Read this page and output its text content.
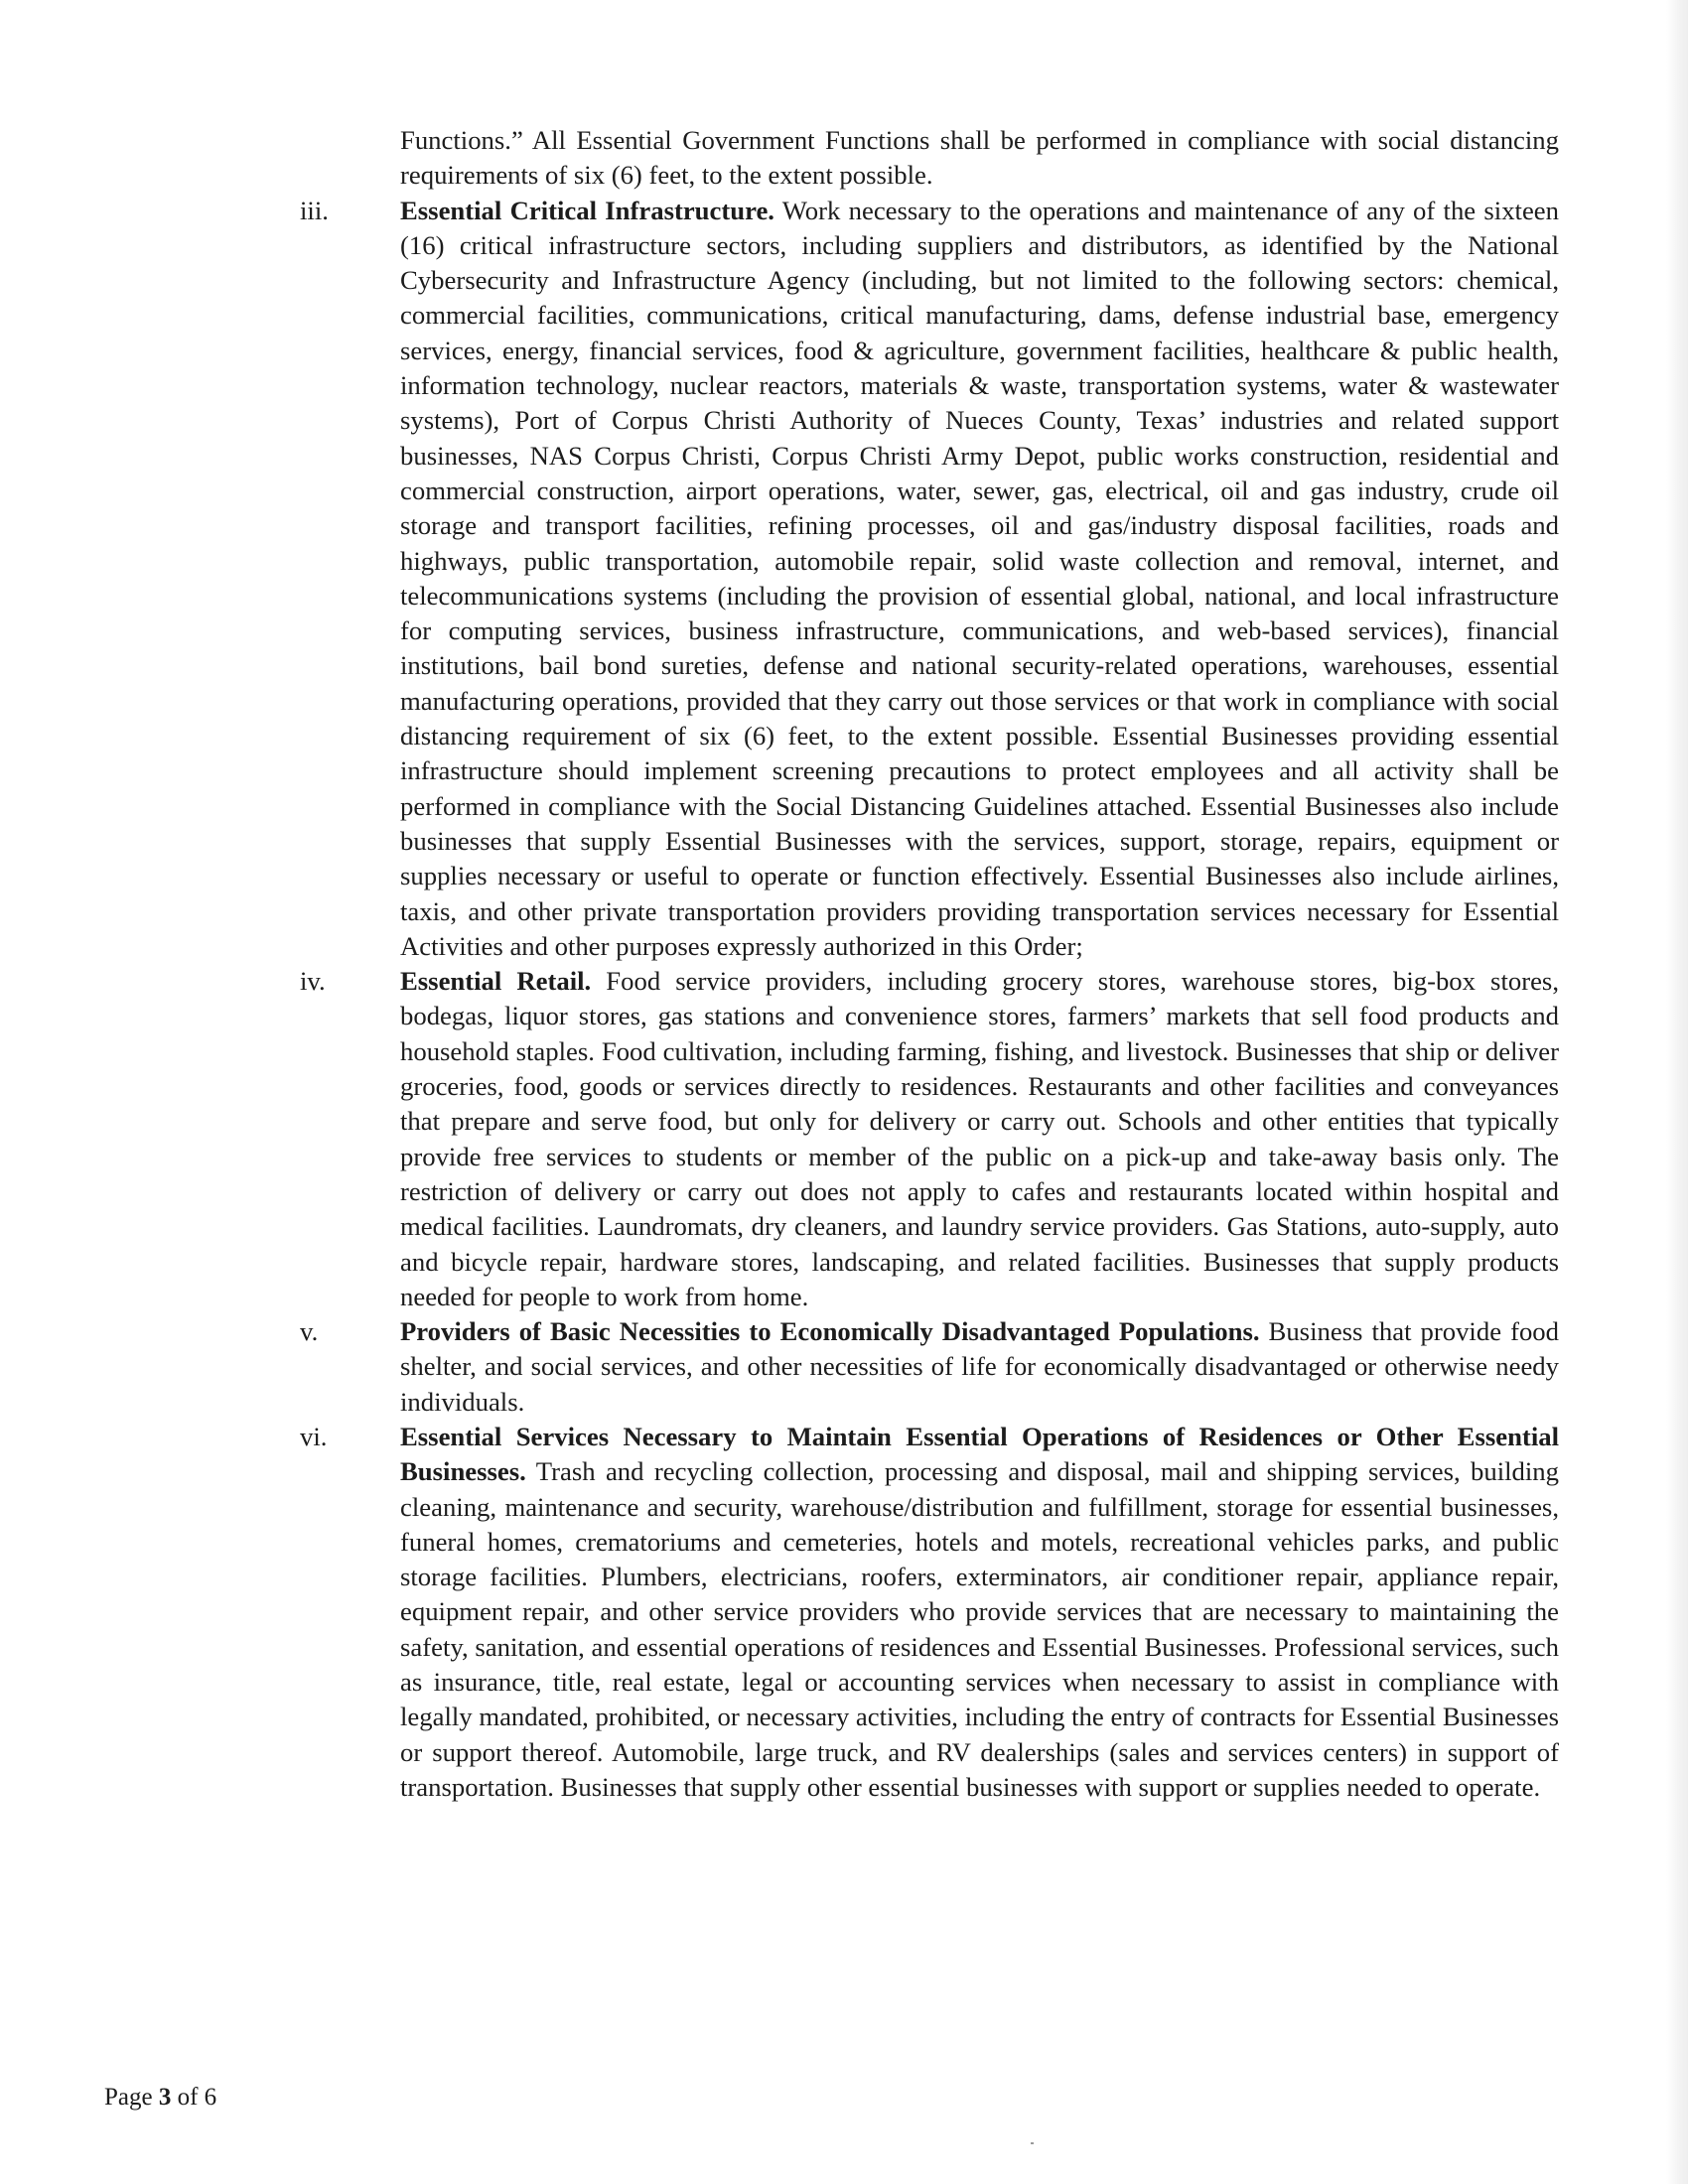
Functions.” All Essential Government Functions shall be performed in compliance with social distancing requirements of six (6) feet, to the extent possible.

iii.	Essential Critical Infrastructure. Work necessary to the operations and maintenance of any of the sixteen (16) critical infrastructure sectors, including suppliers and distributors, as identified by the National Cybersecurity and Infrastructure Agency (including, but not limited to the following sectors: chemical, commercial facilities, communications, critical manufacturing, dams, defense industrial base, emergency services, energy, financial services, food & agriculture, government facilities, healthcare & public health, information technology, nuclear reactors, materials & waste, transportation systems, water & wastewater systems), Port of Corpus Christi Authority of Nueces County, Texas’ industries and related support businesses, NAS Corpus Christi, Corpus Christi Army Depot, public works construction, residential and commercial construction, airport operations, water, sewer, gas, electrical, oil and gas industry, crude oil storage and transport facilities, refining processes, oil and gas/industry disposal facilities, roads and highways, public transportation, automobile repair, solid waste collection and removal, internet, and telecommunications systems (including the provision of essential global, national, and local infrastructure for computing services, business infrastructure, communications, and web-based services), financial institutions, bail bond sureties, defense and national security-related operations, warehouses, essential manufacturing operations, provided that they carry out those services or that work in compliance with social distancing requirement of six (6) feet, to the extent possible. Essential Businesses providing essential infrastructure should implement screening precautions to protect employees and all activity shall be performed in compliance with the Social Distancing Guidelines attached. Essential Businesses also include businesses that supply Essential Businesses with the services, support, storage, repairs, equipment or supplies necessary or useful to operate or function effectively. Essential Businesses also include airlines, taxis, and other private transportation providers providing transportation services necessary for Essential Activities and other purposes expressly authorized in this Order;

iv.	Essential Retail. Food service providers, including grocery stores, warehouse stores, big-box stores, bodegas, liquor stores, gas stations and convenience stores, farmers’ markets that sell food products and household staples. Food cultivation, including farming, fishing, and livestock. Businesses that ship or deliver groceries, food, goods or services directly to residences. Restaurants and other facilities and conveyances that prepare and serve food, but only for delivery or carry out. Schools and other entities that typically provide free services to students or member of the public on a pick-up and take-away basis only. The restriction of delivery or carry out does not apply to cafes and restaurants located within hospital and medical facilities. Laundromats, dry cleaners, and laundry service providers. Gas Stations, auto-supply, auto and bicycle repair, hardware stores, landscaping, and related facilities. Businesses that supply products needed for people to work from home.

v.	Providers of Basic Necessities to Economically Disadvantaged Populations. Business that provide food shelter, and social services, and other necessities of life for economically disadvantaged or otherwise needy individuals.

vi.	Essential Services Necessary to Maintain Essential Operations of Residences or Other Essential Businesses. Trash and recycling collection, processing and disposal, mail and shipping services, building cleaning, maintenance and security, warehouse/distribution and fulfillment, storage for essential businesses, funeral homes, crematoriums and cemeteries, hotels and motels, recreational vehicles parks, and public storage facilities. Plumbers, electricians, roofers, exterminators, air conditioner repair, appliance repair, equipment repair, and other service providers who provide services that are necessary to maintaining the safety, sanitation, and essential operations of residences and Essential Businesses. Professional services, such as insurance, title, real estate, legal or accounting services when necessary to assist in compliance with legally mandated, prohibited, or necessary activities, including the entry of contracts for Essential Businesses or support thereof. Automobile, large truck, and RV dealerships (sales and services centers) in support of transportation. Businesses that supply other essential businesses with support or supplies needed to operate.

Page 3 of 6
